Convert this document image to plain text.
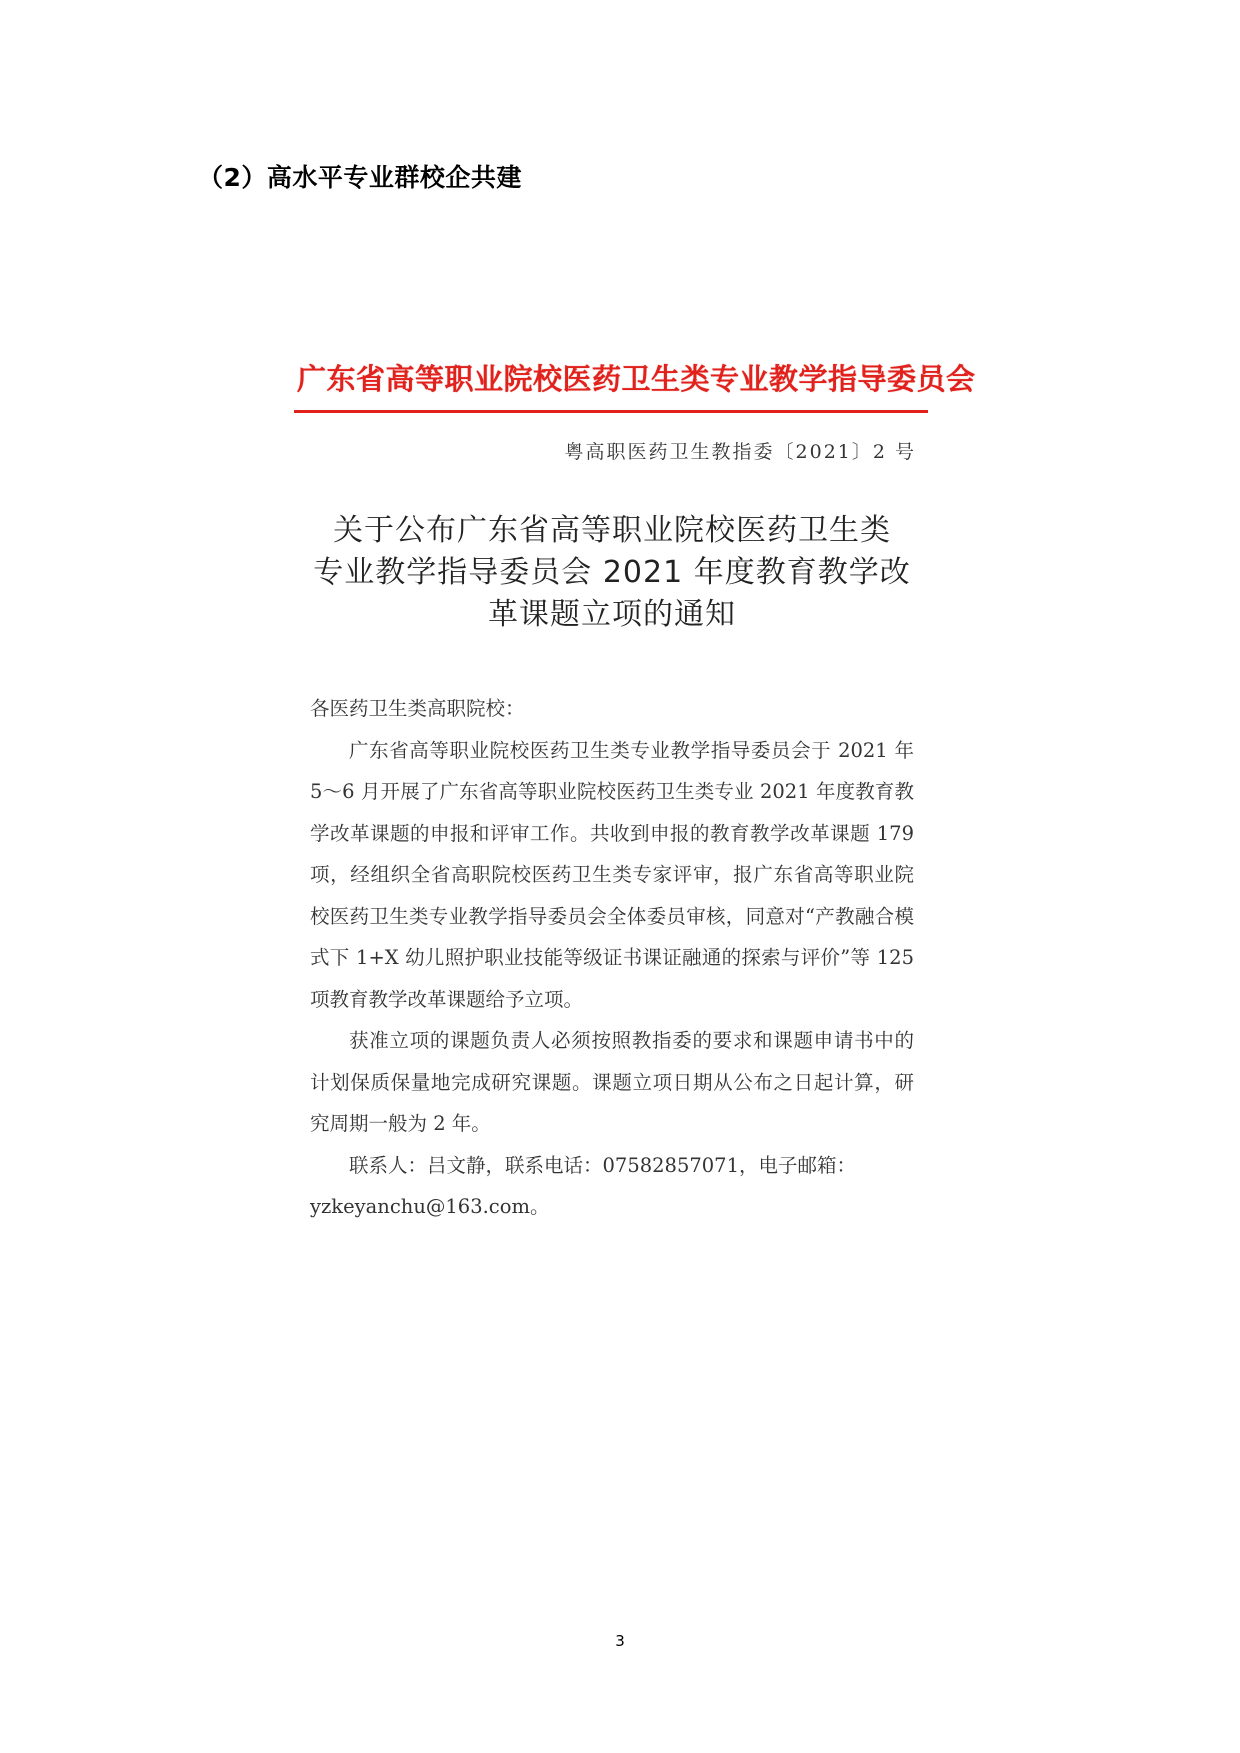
（2）高水平专业群校企共建
广东省高等职业院校医药卫生类专业教学指导委员会
粤高职医药卫生教指委〔2021〕2 号
关于公布广东省高等职业院校医药卫生类
专业教学指导委员会 2021 年度教育教学改
革课题立项的通知
各医药卫生类高职院校：

广东省高等职业院校医药卫生类专业教学指导委员会于 2021 年 5～6 月开展了广东省高等职业院校医药卫生类专业 2021 年度教育教学改革课题的申报和评审工作。共收到申报的教育教学改革课题 179 项，经组织全省高职院校医药卫生类专家评审，报广东省高等职业院校医药卫生类专业教学指导委员会全体委员审核，同意对“产教融合模式下 1+X 幼儿照护职业技能等级证书课证融通的探索与评价”等 125 项教育教学改革课题给予立项。

获准立项的课题负责人必须按照教指委的要求和课题申请书中的计划保质保量地完成研究课题。课题立项日期从公布之日起计算，研究周期一般为 2 年。

联系人：吕文静，联系电话：07582857071，电子邮箱：

yzkeyanchu@163.com。
3
